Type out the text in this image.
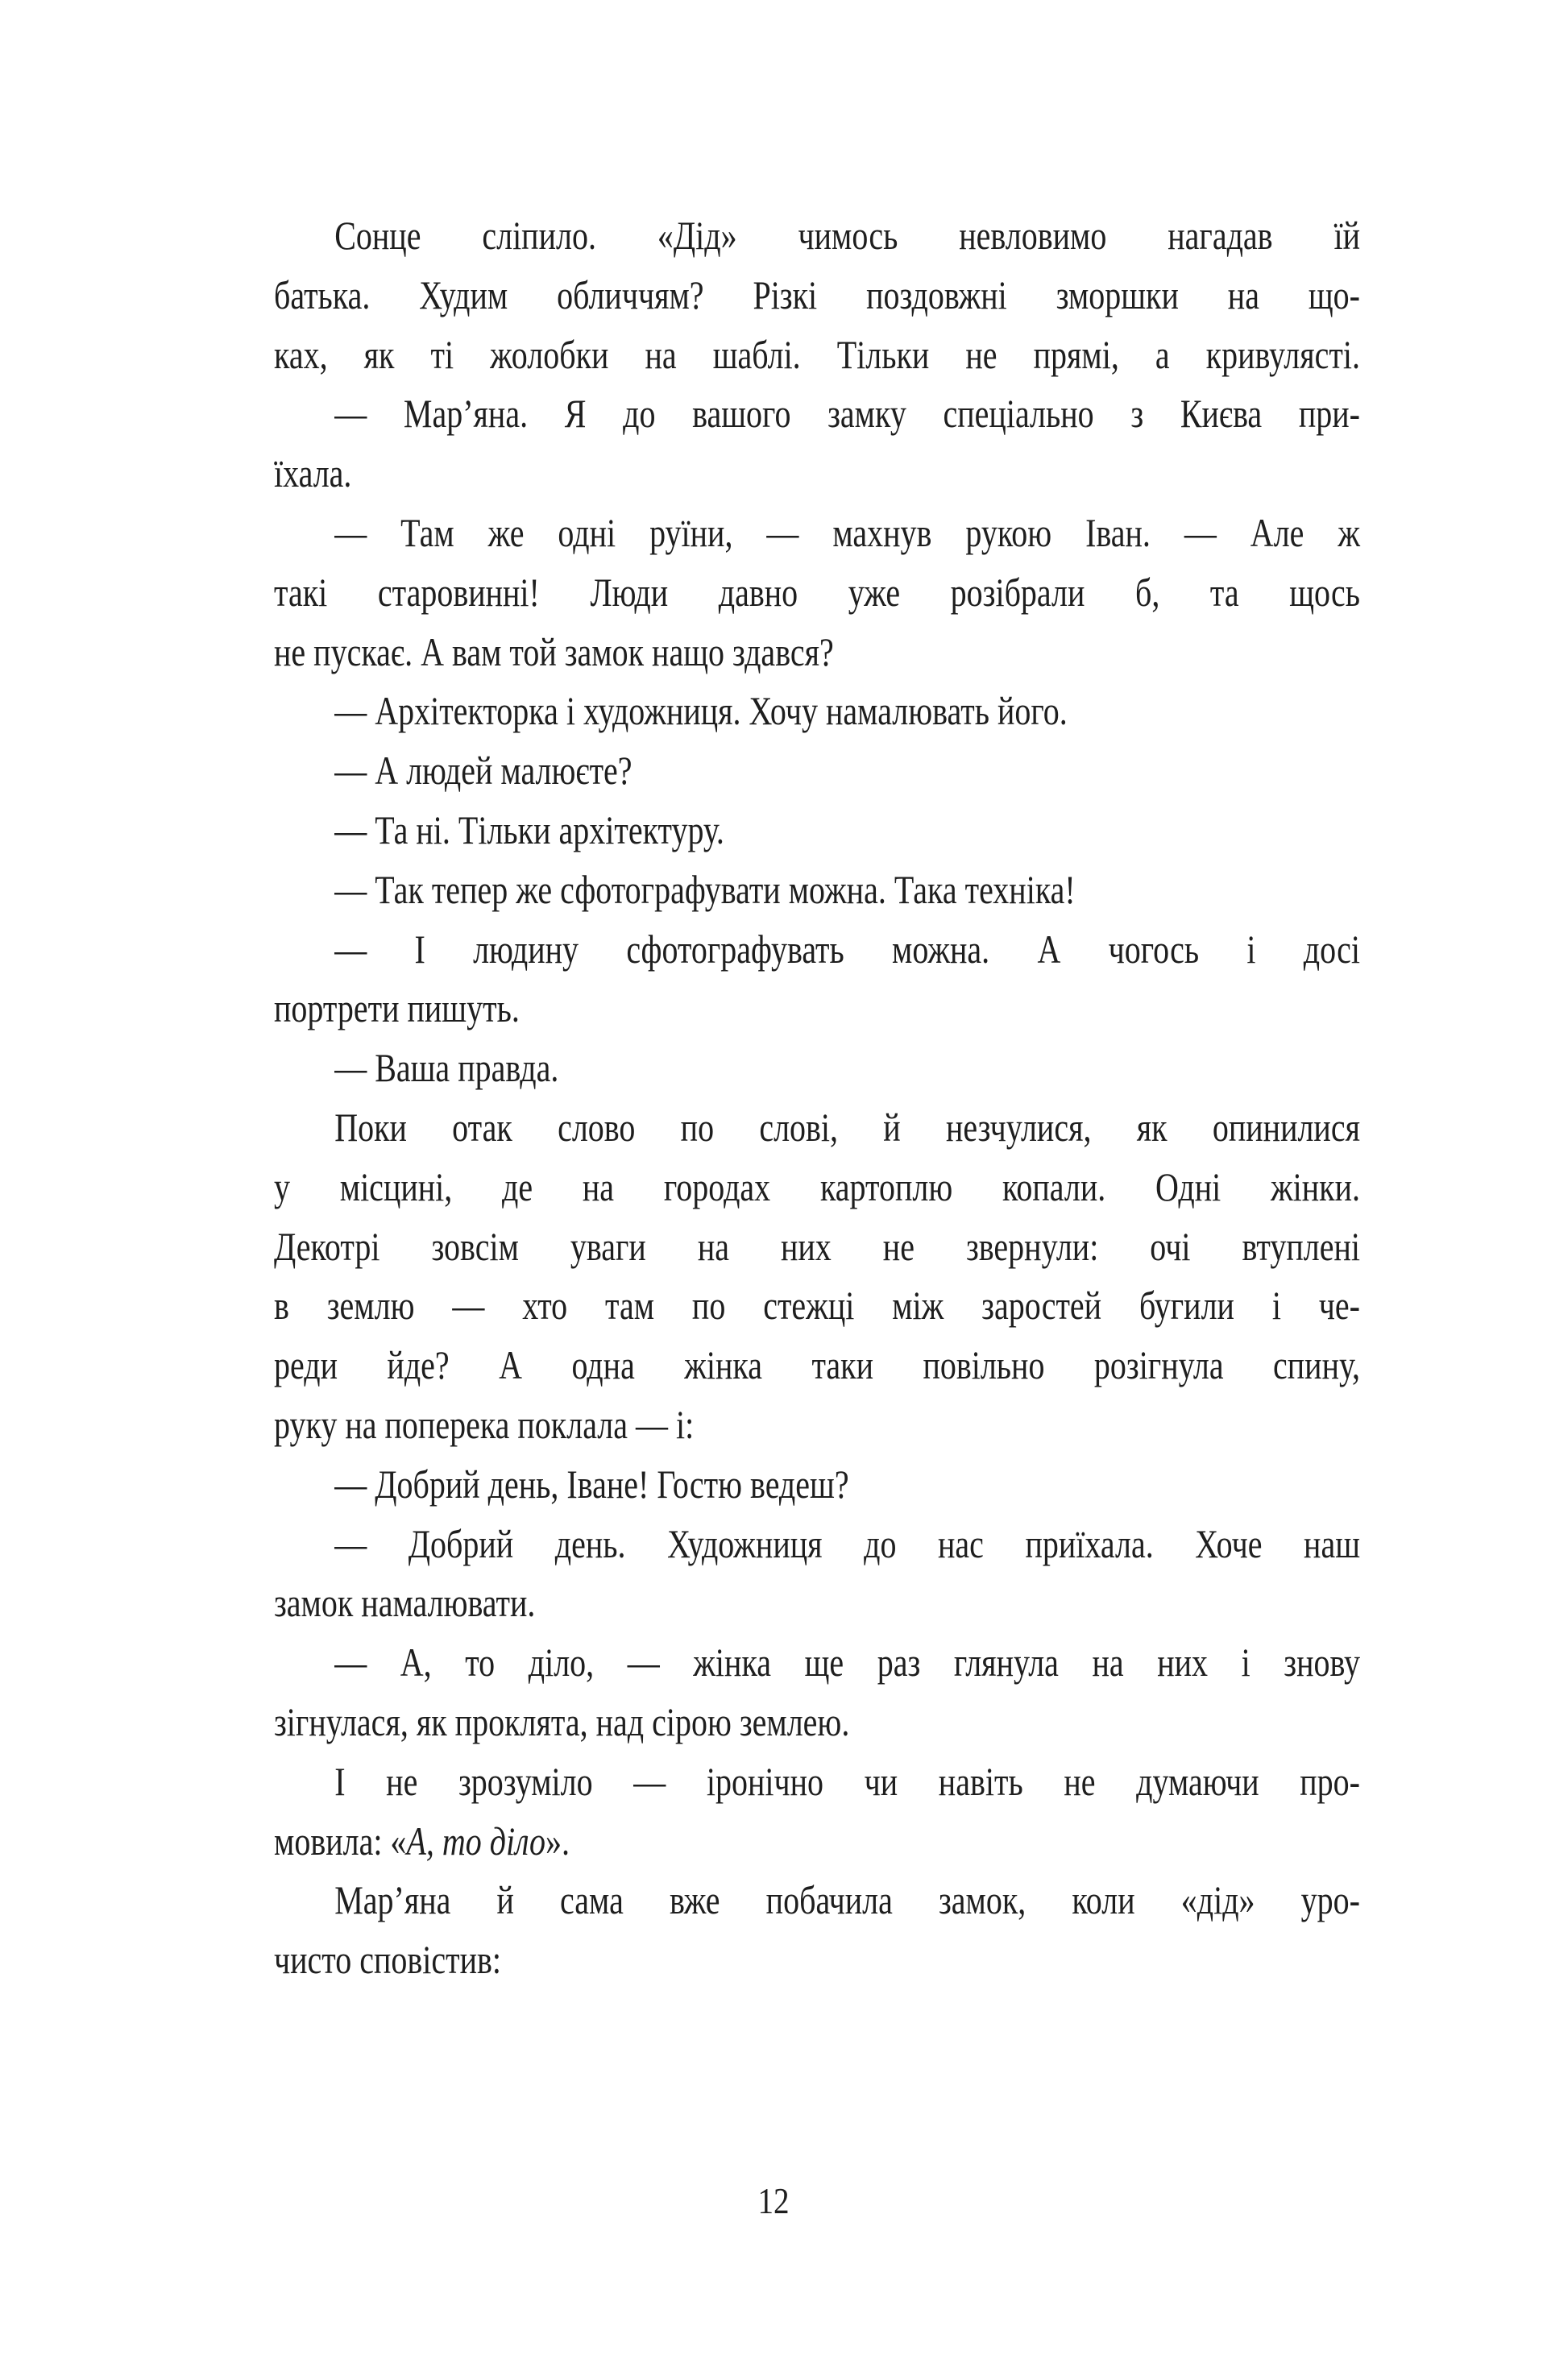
Сонце сліпило. «Дід» чимось невловимо нагадав їй
батька. Худим обличчям? Різкі поздовжні зморшки на що-
ках, як ті жолобки на шаблі. Тільки не прямі, а кривулясті.
— Мар’яна. Я до вашого замку спеціально з Києва при-
їхала.
— Там же одні руїни, — махнув рукою Іван. — Але ж
такі старовинні! Люди давно уже розібрали б, та щось
не пускає. А вам той замок нащо здався?
— Архітекторка і художниця. Хочу намалювать його.
— А людей малюєте?
— Та ні. Тільки архітектуру.
— Так тепер же сфотографувати можна. Така техніка!
— І людину сфотографувать можна. А чогось і досі
портрети пишуть.
— Ваша правда.
Поки отак слово по слові, й незчулися, як опинилися
у місцині, де на городах картоплю копали. Одні жінки.
Декотрі зовсім уваги на них не звернули: очі втуплені
в землю — хто там по стежці між заростей бугили і че-
реди йде? А одна жінка таки повільно розігнула спину,
руку на поперека поклала — і:
— Добрий день, Іване! Гостю ведеш?
— Добрий день. Художниця до нас приїхала. Хоче наш
замок намалювати.
— А, то діло, — жінка ще раз глянула на них і знову
зігнулася, як проклята, над сірою землею.
І не зрозуміло — іронічно чи навіть не думаючи про-
мовила: «А, то діло».
Мар’яна й сама вже побачила замок, коли «дід» уро-
чисто сповістив:
12
